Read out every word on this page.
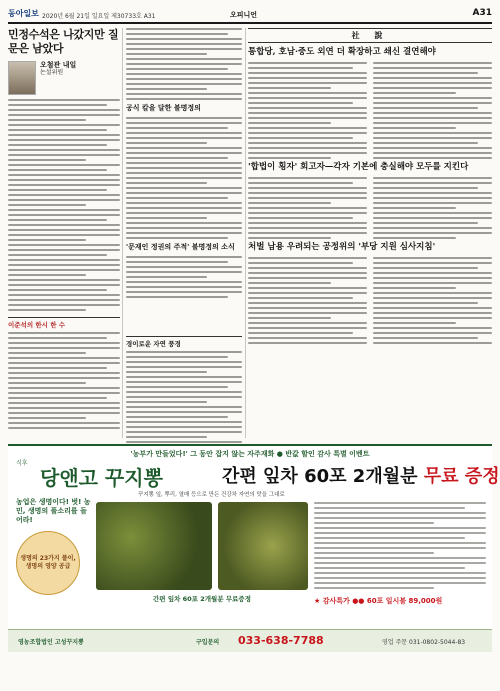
동아일보 2020년 6월 21일 일요일 제30733호 A31	오피니언	A31
민정수석은 나갔지만 질문은 남았다
오철관 내일
논설위원
이준석의 한시 한 수
공식 칼을 달한 불명정의
'문재인 정권의 주적' 불명정의 소식
경이로운 자연 풍경
社 說
통합당, 호남·중도 외연 더 확장하고 쇄신 결연해야
'합법이 횡자' 회고자—각자 기본에 충실해야 모두를 지킨다
처벌 남용 우려되는 공정위의 '부당 지원 심사지침'
'농부가 만들었다!' 그 동안 잡지 않는 자주재화 ● 반값 할인 감사 특별 이벤트
식후
당앤고 꾸지뽕	간편 잎차 60포 2개월분 무료 증정
꾸지뽕 잎, 뿌리, 열매 등으로 만든 건강차 자연의 맛을 그대로
농업은 생명이다! 벗! 농민, 생명의 풀소리를 들어라!
생명의 23가지 풀이, 생명의 영양 공급
간편 잎차 60포 2개월분 무료증정	★ 감사특가 ●● 60포 일시불 89,000원
영농조합법인 고성꾸지뽕	구입문의 033-638-7788	영업 주문 031-0802-5044-83
